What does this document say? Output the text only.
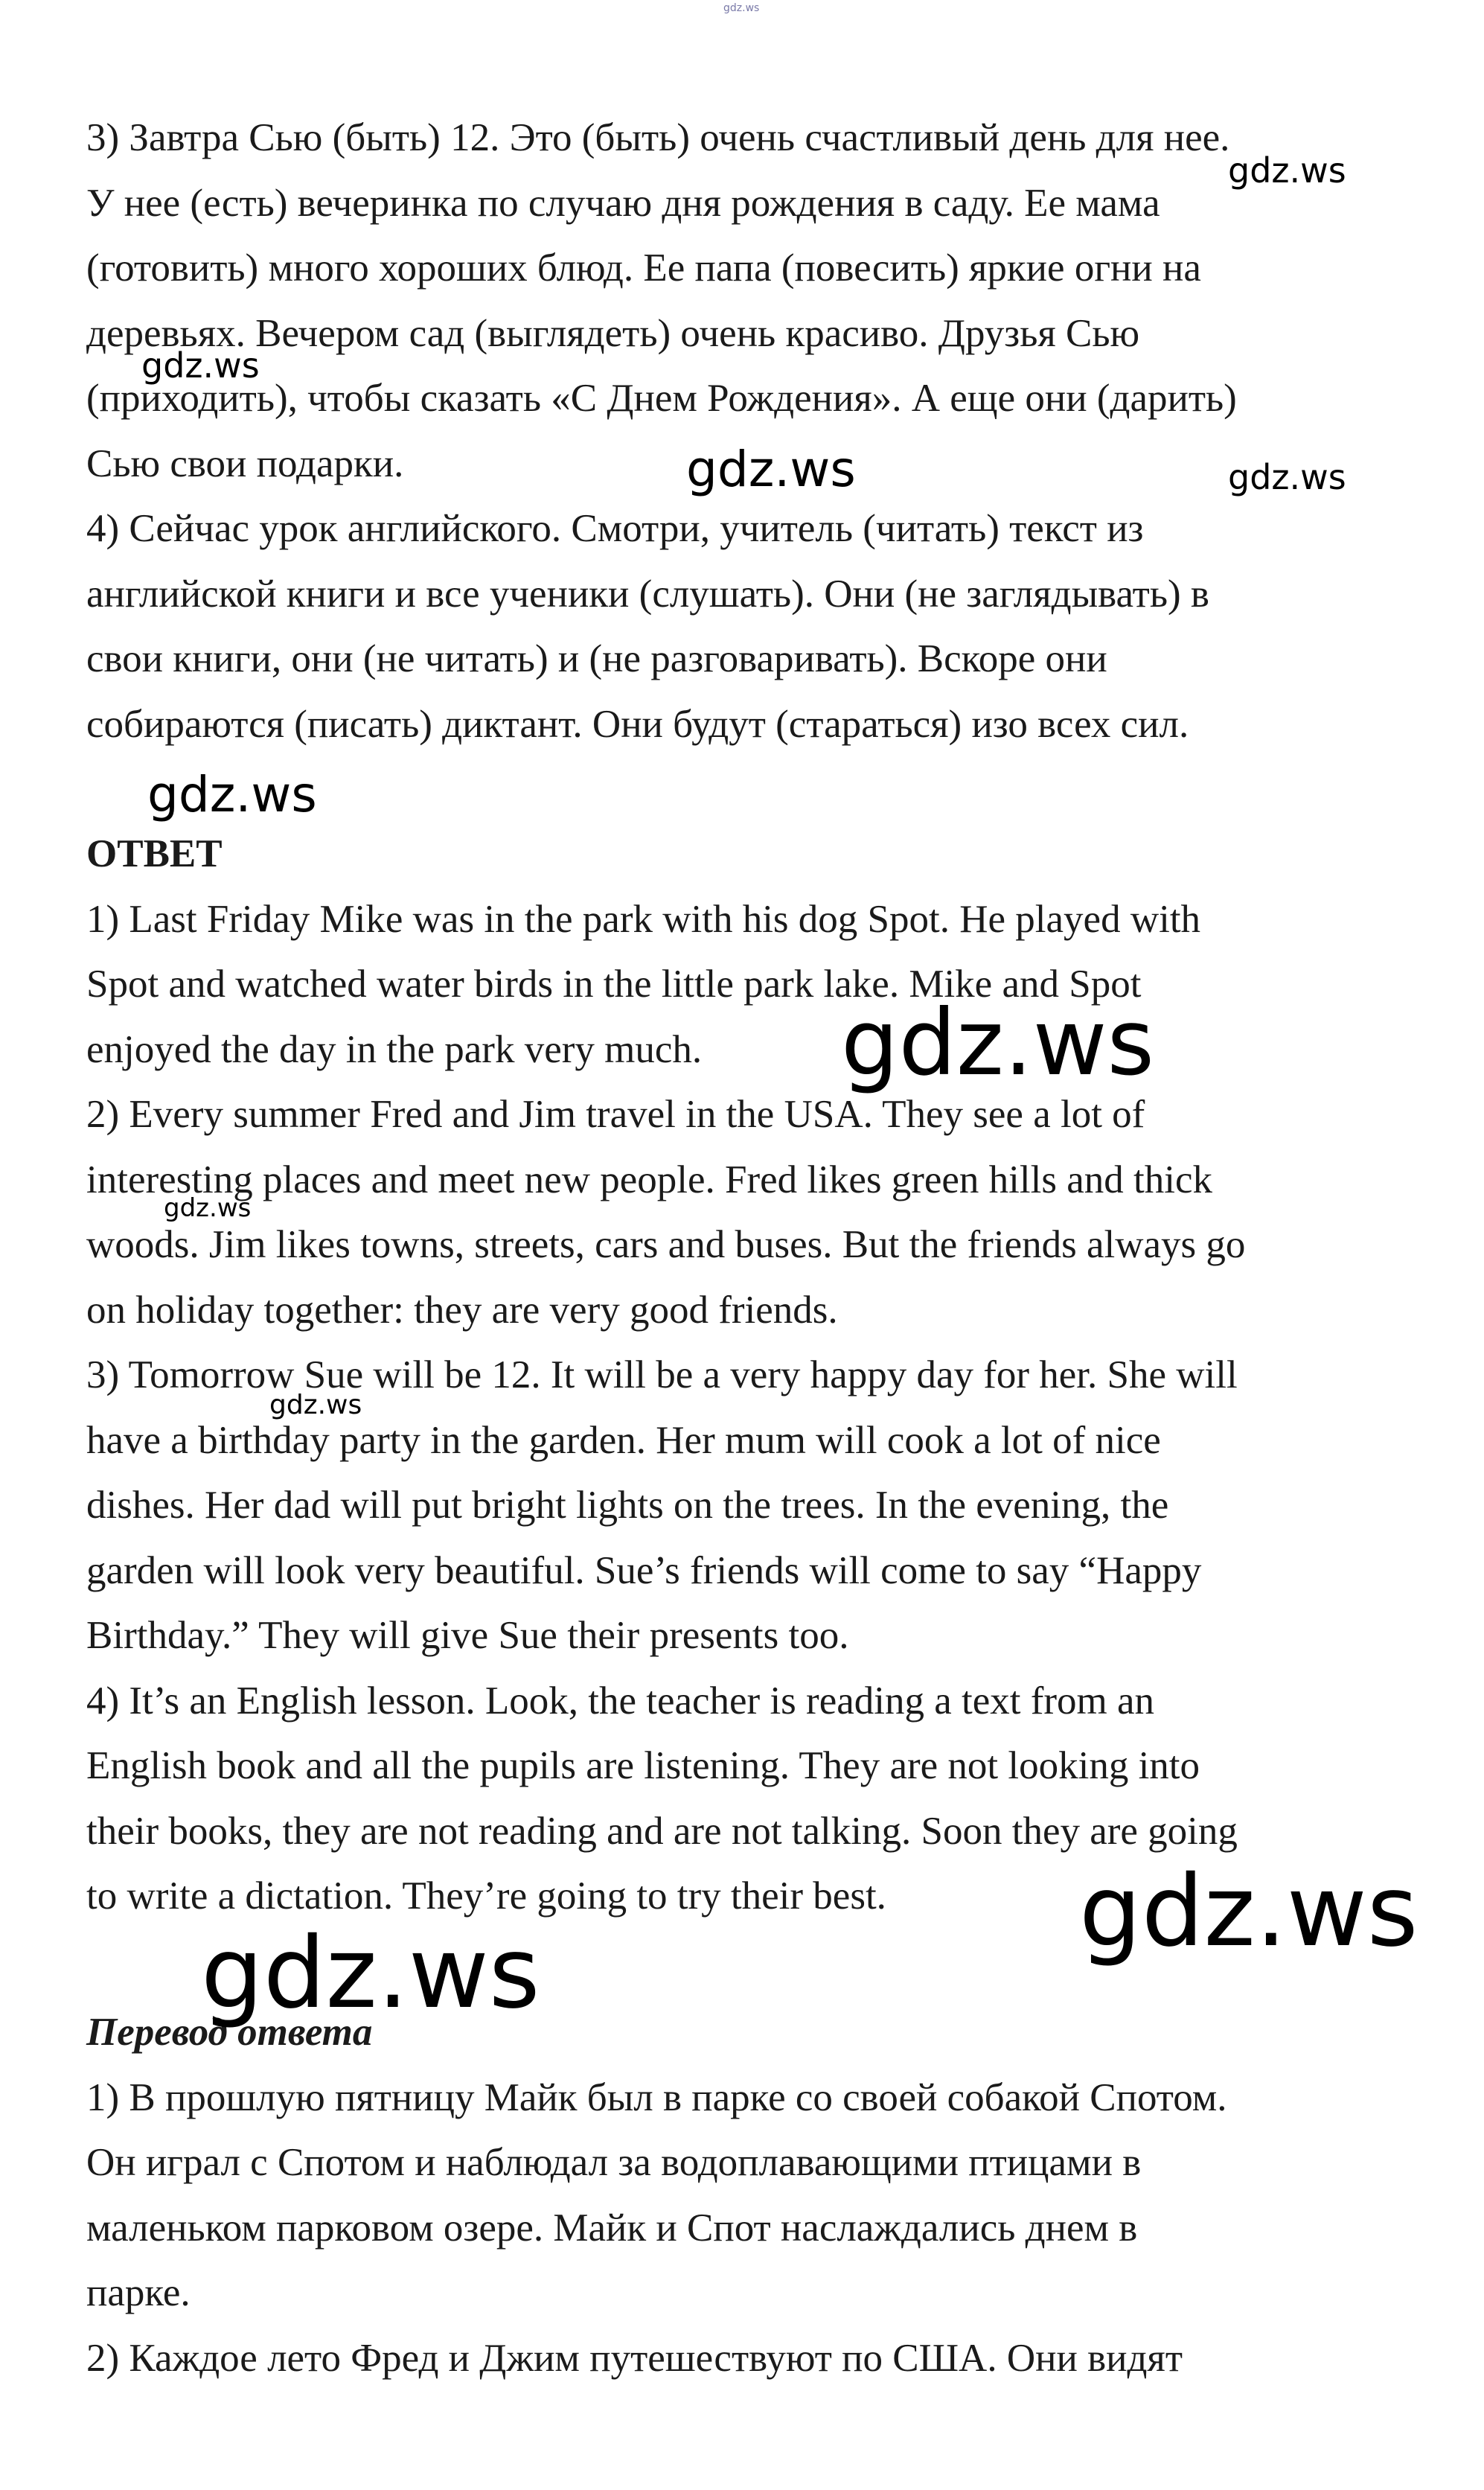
3) Завтра Сью (быть) 12. Это (быть) очень счастливый день для нее.
У нее (есть) вечеринка по случаю дня рождения в саду. Ее мама
(готовить) много хороших блюд. Ее папа (повесить) яркие огни на
деревьях. Вечером сад (выглядеть) очень красиво. Друзья Сью
(приходить), чтобы сказать «С Днем Рождения». А еще они (дарить)
Сью свои подарки.
4) Сейчас урок английского. Смотри, учитель (читать) текст из
английской книги и все ученики (слушать). Они (не заглядывать) в
свои книги, они (не читать) и (не разговаривать). Вскоре они
собираются (писать) диктант. Они будут (стараться) изо всех сил.
ОТВЕТ
1) Last Friday Mike was in the park with his dog Spot. He played with
Spot and watched water birds in the little park lake. Mike and Spot
enjoyed the day in the park very much.
2) Every summer Fred and Jim travel in the USA. They see a lot of
interesting places and meet new people. Fred likes green hills and thick
woods. Jim likes towns, streets, cars and buses. But the friends always go
on holiday together: they are very good friends.
3) Tomorrow Sue will be 12. It will be a very happy day for her. She will
have a birthday party in the garden. Her mum will cook a lot of nice
dishes. Her dad will put bright lights on the trees. In the evening, the
garden will look very beautiful. Sue’s friends will come to say “Happy
Birthday.” They will give Sue their presents too.
4) It’s an English lesson. Look, the teacher is reading a text from an
English book and all the pupils are listening. They are not looking into
their books, they are not reading and are not talking. Soon they are going
to write a dictation. They’re going to try their best.
Перевод ответа
1) В прошлую пятницу Майк был в парке со своей собакой Спотом.
Он играл с Спотом и наблюдал за водоплавающими птицами в
маленьком парковом озере. Майк и Спот наслаждались днем в
парке.
2) Каждое лето Фред и Джим путешествуют по США. Они видят
gdz.ws
gdz.ws
gdz.ws
gdz.ws	gdz.ws
gdz.ws
gdz.ws
gdz.ws
gdz.ws
gdz.ws
gdz.ws
